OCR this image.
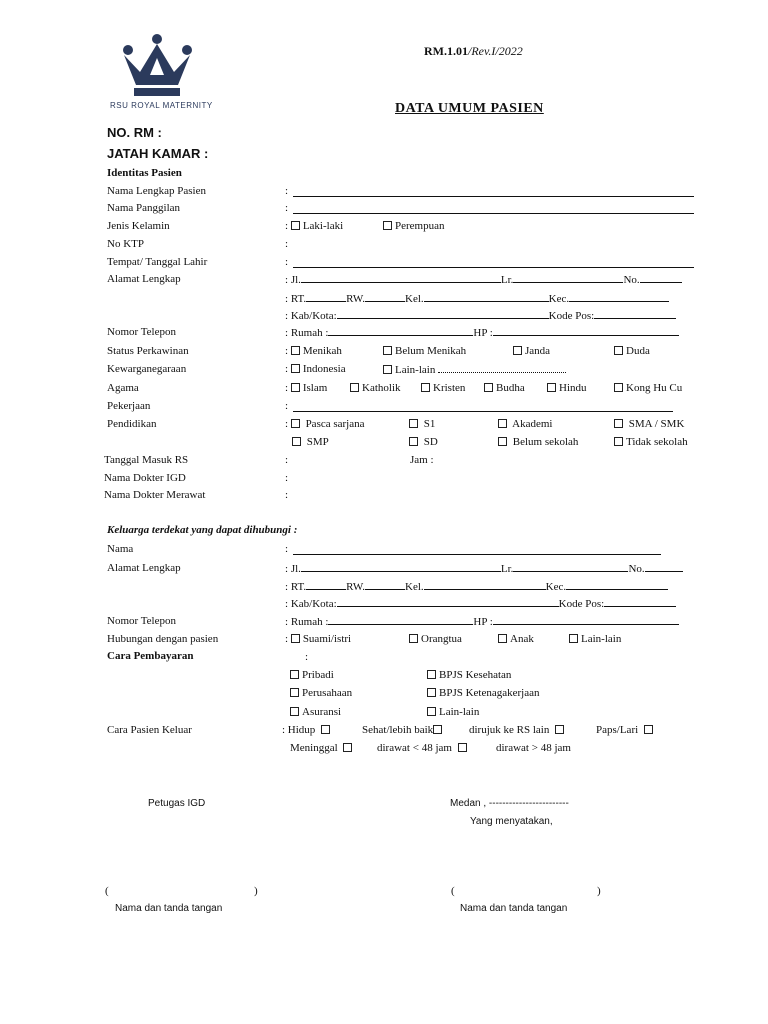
RSU ROYAL MATERNITY
RM.1.01/Rev.I/2022
DATA UMUM PASIEN
NO. RM :
JATAH KAMAR :
Identitas Pasien
Nama Lengkap Pasien	:
Nama Panggilan	:
Jenis Kelamin	: Laki-laki	Perempuan
No KTP	:
Tempat/ Tanggal Lahir	:
Alamat Lengkap	: Jl.	Lr.	No.
: RT.	RW.	Kel.	Kec.
: Kab/Kota:	Kode Pos:
Nomor Telepon	: Rumah :	HP :
Status Perkawinan	: Menikah	Belum Menikah	Janda	Duda
Kewarganegaraan	: Indonesia	Lain-lain
Agama	: Islam	Katholik	Kristen	Budha	Hindu	Kong Hu Cu
Pekerjaan	:
Pendidikan	:  Pasca sarjana	S1	Akademi	SMA / SMK
SMP	SD	Belum sekolah	Tidak sekolah
Tanggal Masuk RS	:	Jam :
Nama Dokter IGD	:
Nama Dokter Merawat	:
Keluarga terdekat yang dapat dihubungi :
Nama	:
Alamat Lengkap	: Jl.	Lr.	No.
: RT.	RW.	Kel.	Kec.
: Kab/Kota:	Kode Pos:
Nomor Telepon	: Rumah :	HP :
Hubungan dengan pasien	: Suami/istri	Orangtua	Anak	Lain-lain
Cara Pembayaran	:
Pribadi	BPJS Kesehatan
Perusahaan	BPJS Ketenagakerjaan
Asuransi	Lain-lain
Cara Pasien Keluar	: Hidup	Sehat/lebih baik	dirujuk ke RS lain	Paps/Lari
Meninggal	dirawat < 48 jam	dirawat > 48 jam
Petugas IGD	Medan , ------------------------
Yang menyatakan,
(	)	(	)
Nama dan tanda tangan	Nama dan tanda tangan
